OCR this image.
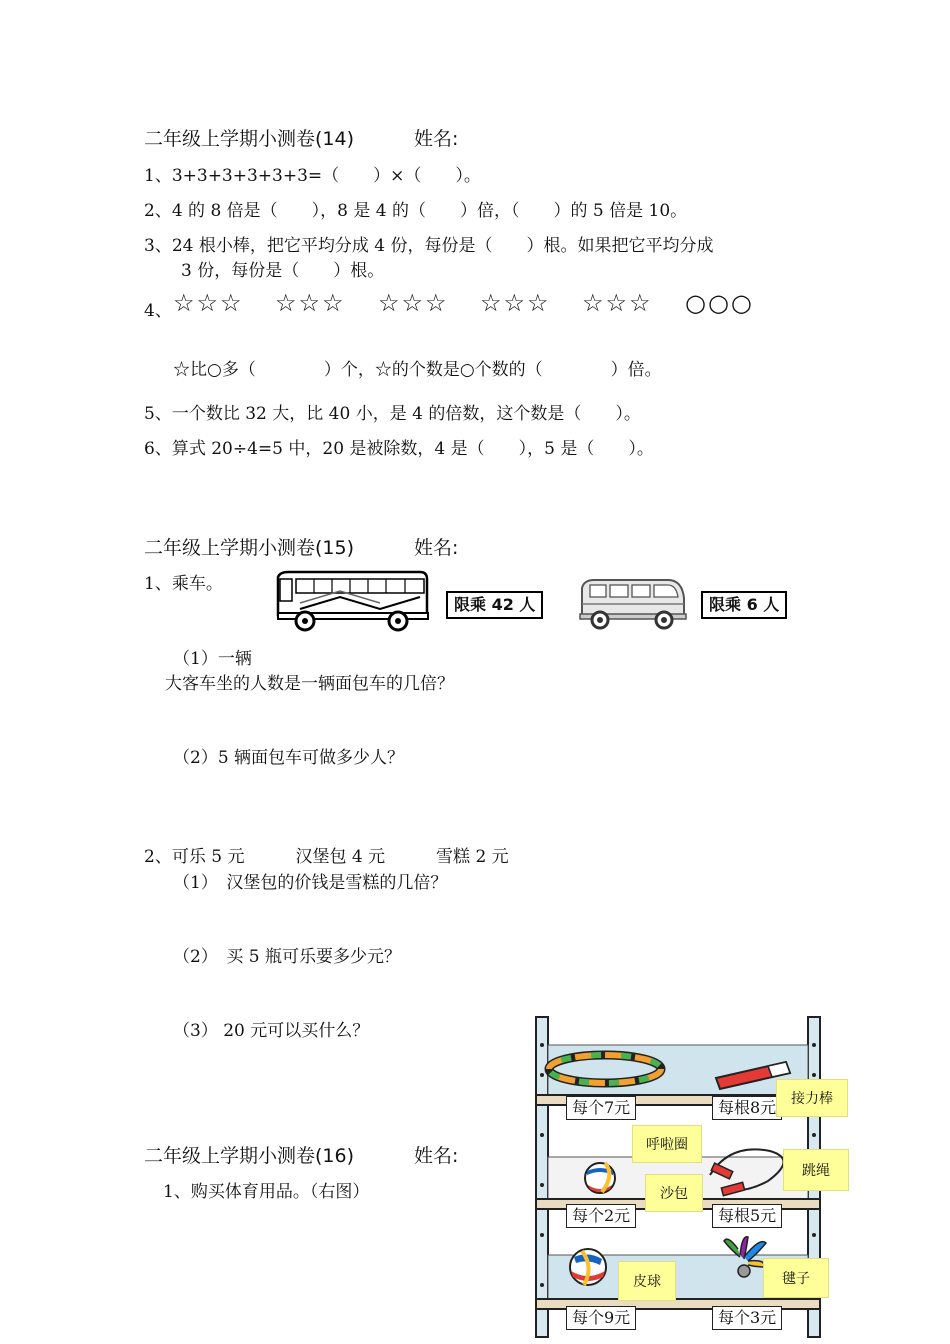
二年级上学期小测卷(14)	姓名:
1、3+3+3+3+3+3=（　　）×（　　）。
2、4 的 8 倍是（　　），8 是 4 的（　　）倍，（　　）的 5 倍是 10。
3、24 根小棒，把它平均分成 4 份，每份是（　　）根。如果把它平均分成
3 份，每份是（　　）根。
4、 ☆☆☆ ☆☆☆ ☆☆☆ ☆☆☆ ☆☆☆ ○○○
☆比○多（　　　　）个，☆的个数是○个数的（　　　　）倍。
5、一个数比 32 大，比 40 小，是 4 的倍数，这个数是（　　）。
6、算式 20÷4=5 中，20 是被除数，4 是（　　），5 是（　　）。
二年级上学期小测卷(15)	姓名:
1、乘车。
限乘 42 人	限乘 6 人
（1）一辆
大客车坐的人数是一辆面包车的几倍？
（2）5 辆面包车可做多少人？
2、可乐 5 元　　　汉堡包 4 元　　　雪糕 2 元
（1）　汉堡包的价钱是雪糕的几倍？
（2）　买 5 瓶可乐要多少元？
（3） 20 元可以买什么？
二年级上学期小测卷(16)	姓名:
1、购买体育用品。（右图）
每个7元	每根8元
每个2元	每根5元
每个9元	每个3元
接力棒
呼啦圈
跳绳
沙包
皮球	毽子
